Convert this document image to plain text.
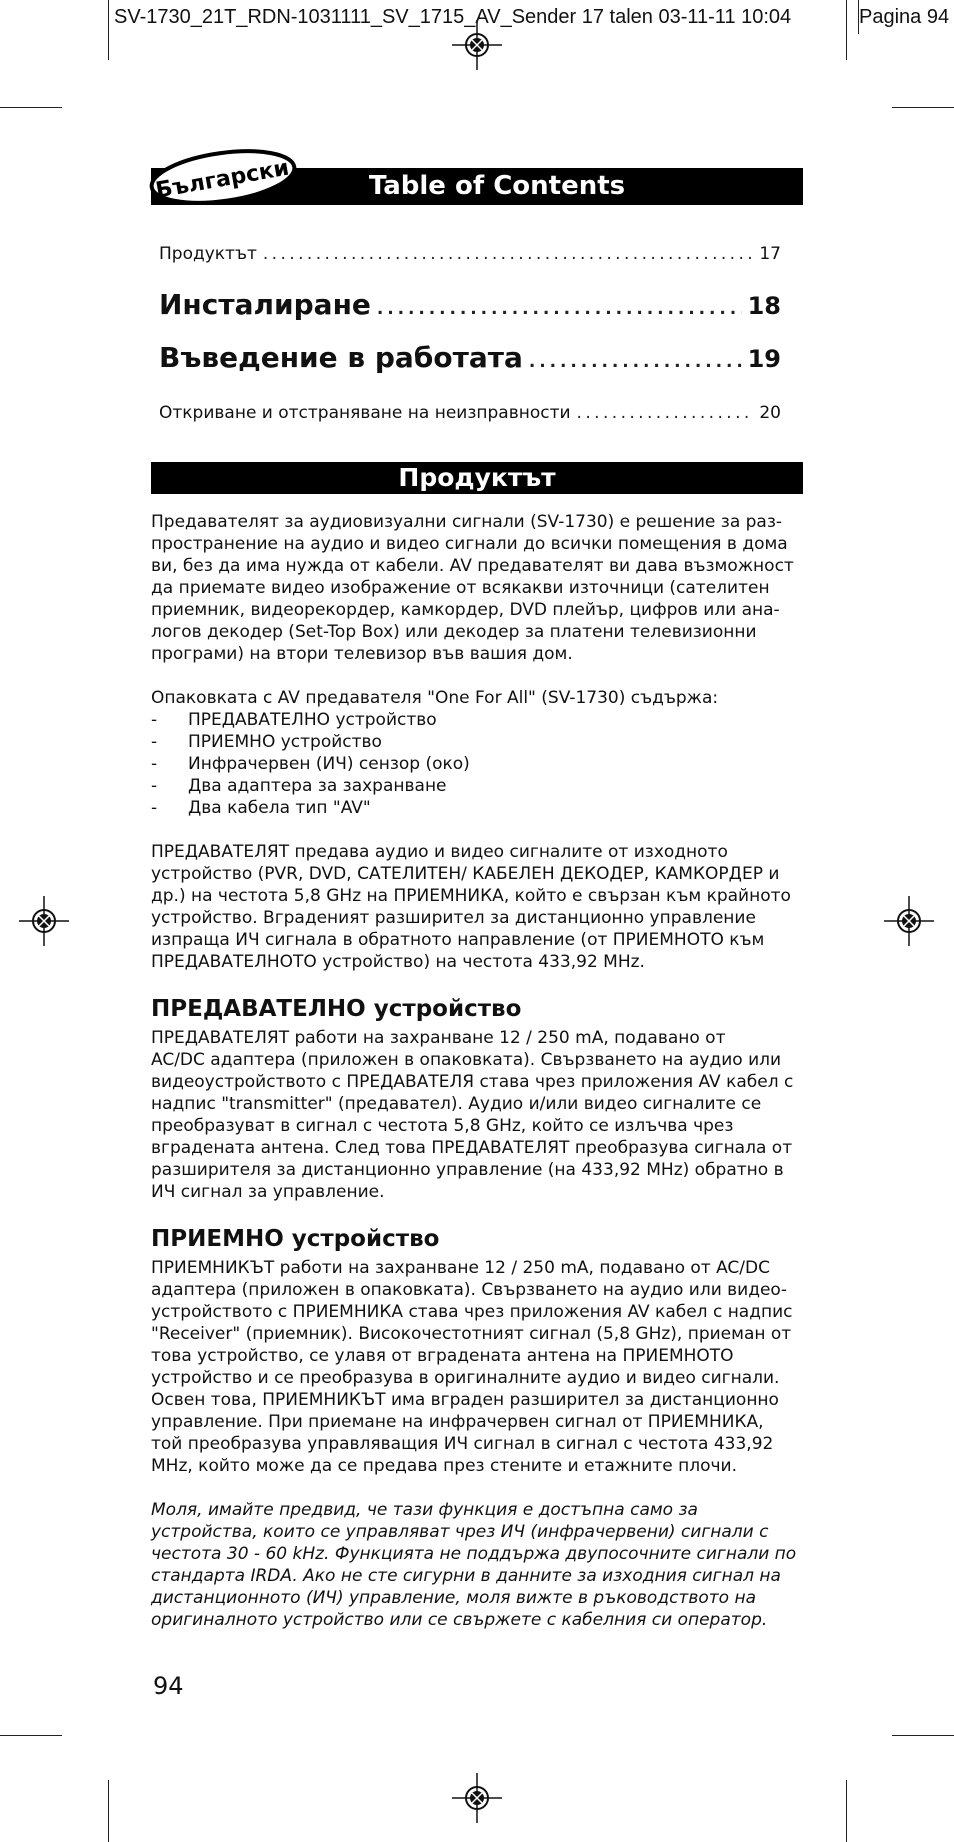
SV-1730_21T_RDN-1031111_SV_1715_AV_Sender 17 talen 03-11-11 10:04	Pagina 94
Table of Contents
Български
Продуктът . . .	17
Инсталиране . . .	18
Въведение в работата . . .	19
Откриване и отстраняване на неизправности . . .	20
Продуктът
Предавателят за аудиовизуални сигнали (SV-1730) е решение за раз-
пространение на аудио и видео сигнали до всички помещения в дома
ви, без да има нужда от кабели. AV предавателят ви дава възможност
да приемате видео изображение от всякакви източници (сателитен
приемник, видеорекордер, камкордер, DVD плейър, цифров или ана-
логов декодер (Set-Top Box) или декодер за платени телевизионни
програми) на втори телевизор във вашия дом.
Опаковката с AV предавателя "One For All" (SV-1730) съдържа:
- ПРЕДАВАТЕЛНО устройство
- ПРИЕМНО устройство
- Инфрачервен (ИЧ) сензор (око)
- Два адаптера за захранване
- Два кабела тип "AV"
ПРЕДАВАТЕЛЯТ предава аудио и видео сигналите от изходното
устройство (PVR, DVD, САТЕЛИТЕН/ КАБЕЛЕН ДЕКОДЕР, КАМКОРДЕР и
др.) на честота 5,8 GHz на ПРИЕМНИКА, който е свързан към крайното
устройство. Вграденият разширител за дистанционно управление
изпраща ИЧ сигнала в обратното направление (от ПРИЕМНОТО към
ПРЕДАВАТЕЛНОТО устройство) на честота 433,92 MHz.
ПРЕДАВАТЕЛНО устройство
ПРЕДАВАТЕЛЯТ работи на захранване 12 / 250 mA, подавано от
AC/DC адаптера (приложен в опаковката). Свързването на аудио или
видеоустройството с ПРЕДАВАТЕЛЯ става чрез приложения AV кабел с
надпис "transmitter" (предавател). Аудио и/или видео сигналите се
преобразуват в сигнал с честота 5,8 GHz, който се излъчва чрез
вградената антена. След това ПРЕДАВАТЕЛЯТ преобразува сигнала от
разширителя за дистанционно управление (на 433,92 MHz) обратно в
ИЧ сигнал за управление.
ПРИЕМНО устройство
ПРИЕМНИКЪТ работи на захранване 12 / 250 mA, подавано от AC/DC
адаптера (приложен в опаковката). Свързването на аудио или видео-
устройството с ПРИЕМНИКА става чрез приложения AV кабел с надпис
"Receiver" (приемник). Високочестотният сигнал (5,8 GHz), приеман от
това устройство, се улавя от вградената антена на ПРИЕМНОТО
устройство и се преобразува в оригиналните аудио и видео сигнали.
Освен това, ПРИЕМНИКЪТ има вграден разширител за дистанционно
управление. При приемане на инфрачервен сигнал от ПРИЕМНИКА,
той преобразува управляващия ИЧ сигнал в сигнал с честота 433,92
MHz, който може да се предава през стените и етажните плочи.
Моля, имайте предвид, че тази функция е достъпна само за
устройства, които се управляват чрез ИЧ (инфрачервени) сигнали с
честота 30 - 60 kHz. Функцията не поддържа двупосочните сигнали по
стандарта IRDA. Ако не сте сигурни в данните за изходния сигнал на
дистанционното (ИЧ) управление, моля вижте в ръководството на
оригиналното устройство или се свържете с кабелния си оператор.
94
